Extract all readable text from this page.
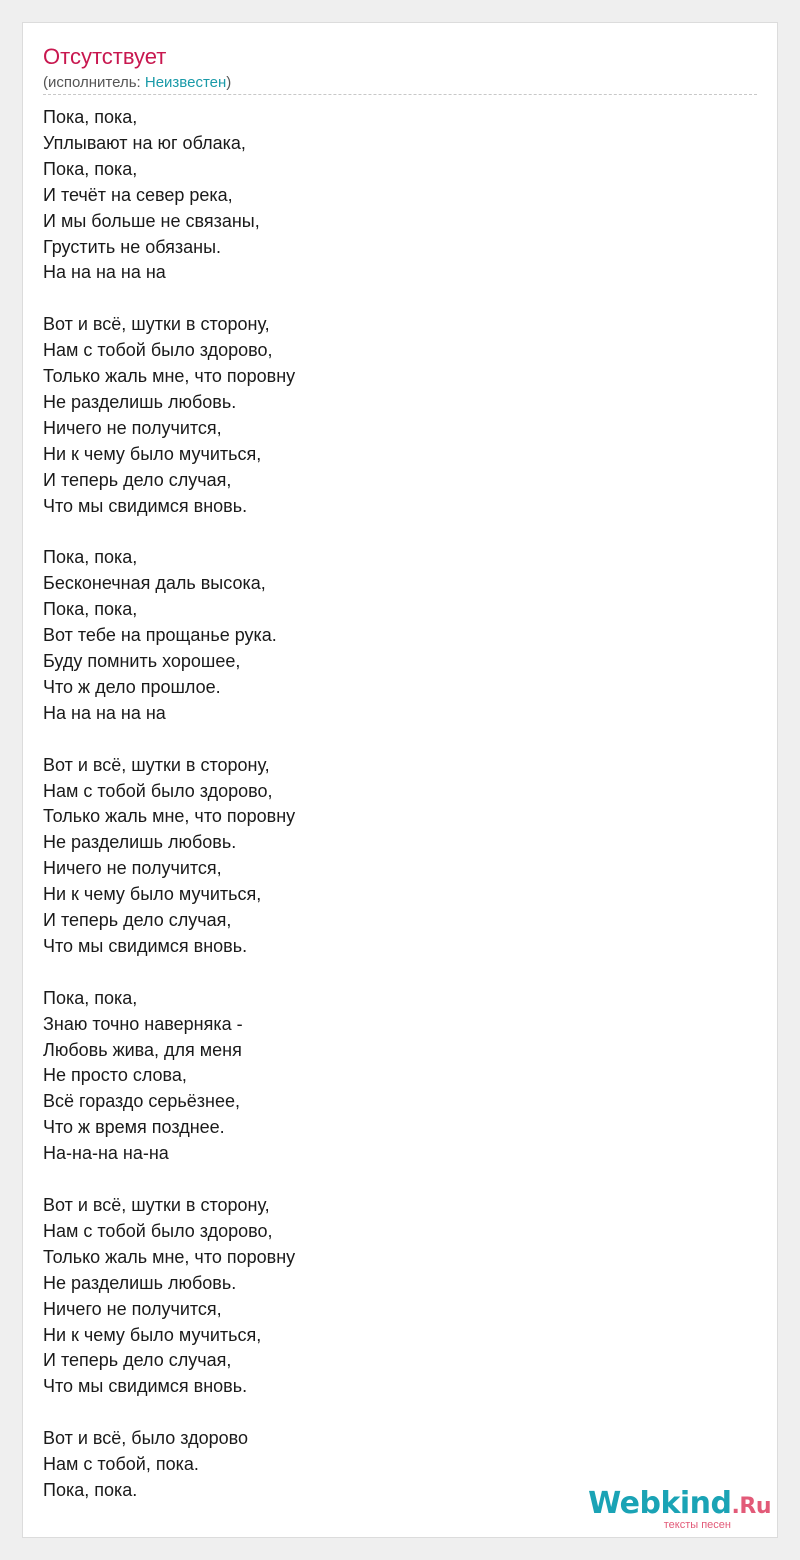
Отсутствует
(исполнитель: Неизвестен)
Пока, пока,
Уплывают на юг облака,
Пока, пока,
И течёт на север река,
И мы больше не связаны,
Грустить не обязаны.
На на на на на
Вот и всё, шутки в сторону,
Нам с тобой было здорово,
Только жаль мне, что поровну
Не разделишь любовь.
Ничего не получится,
Ни к чему было мучиться,
И теперь дело случая,
Что мы свидимся вновь.
Пока, пока,
Бесконечная даль высока,
Пока, пока,
Вот тебе на прощанье рука.
Буду помнить хорошее,
Что ж дело прошлое.
На на на на на
Вот и всё, шутки в сторону,
Нам с тобой было здорово,
Только жаль мне, что поровну
Не разделишь любовь.
Ничего не получится,
Ни к чему было мучиться,
И теперь дело случая,
Что мы свидимся вновь.
Пока, пока,
Знаю точно наверняка -
Любовь жива, для меня
Не просто слова,
Всё гораздо серьёзнее,
Что ж время позднее.
На-на-на на-на
Вот и всё, шутки в сторону,
Нам с тобой было здорово,
Только жаль мне, что поровну
Не разделишь любовь.
Ничего не получится,
Ни к чему было мучиться,
И теперь дело случая,
Что мы свидимся вновь.
Вот и всё, было здорово
Нам с тобой, пока.
Пока, пока.	Webkind.Ru
тексты песен
